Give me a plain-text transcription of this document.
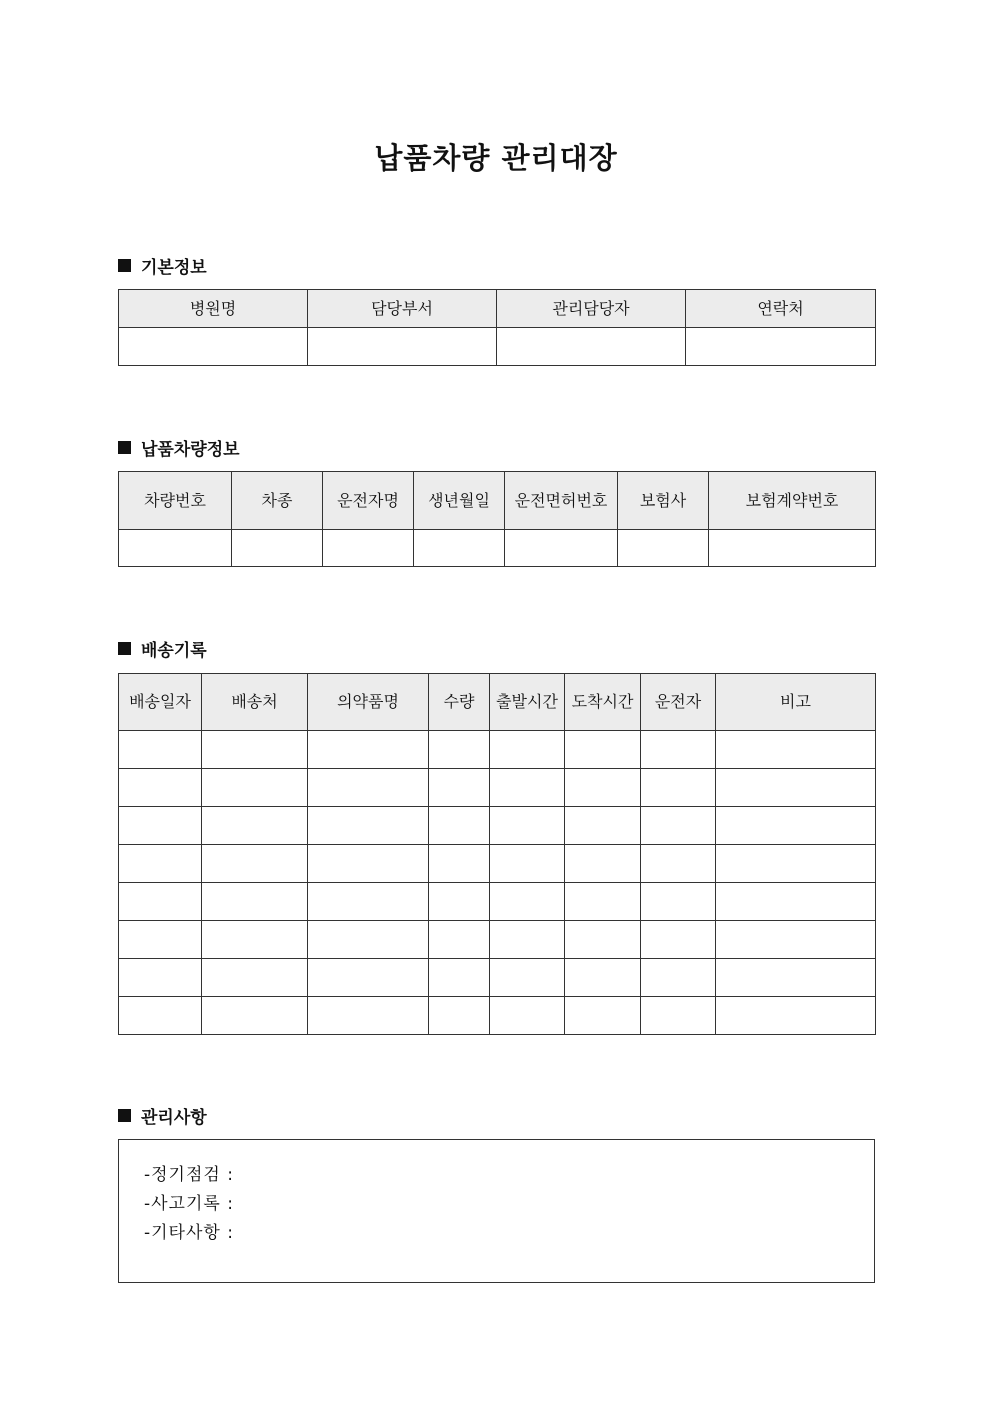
납품차량 관리대장
기본정보
병원명	담당부서	관리담당자	연락처

납품차량정보
차량번호	차종	운전자명	생년월일	운전면허번호	보험사	보험계약번호

배송기록
배송일자	배송처	의약품명	수량	출발시간	도착시간	운전자	비고

관리사항
-정기점검 :
-사고기록 :
-기타사항 :
